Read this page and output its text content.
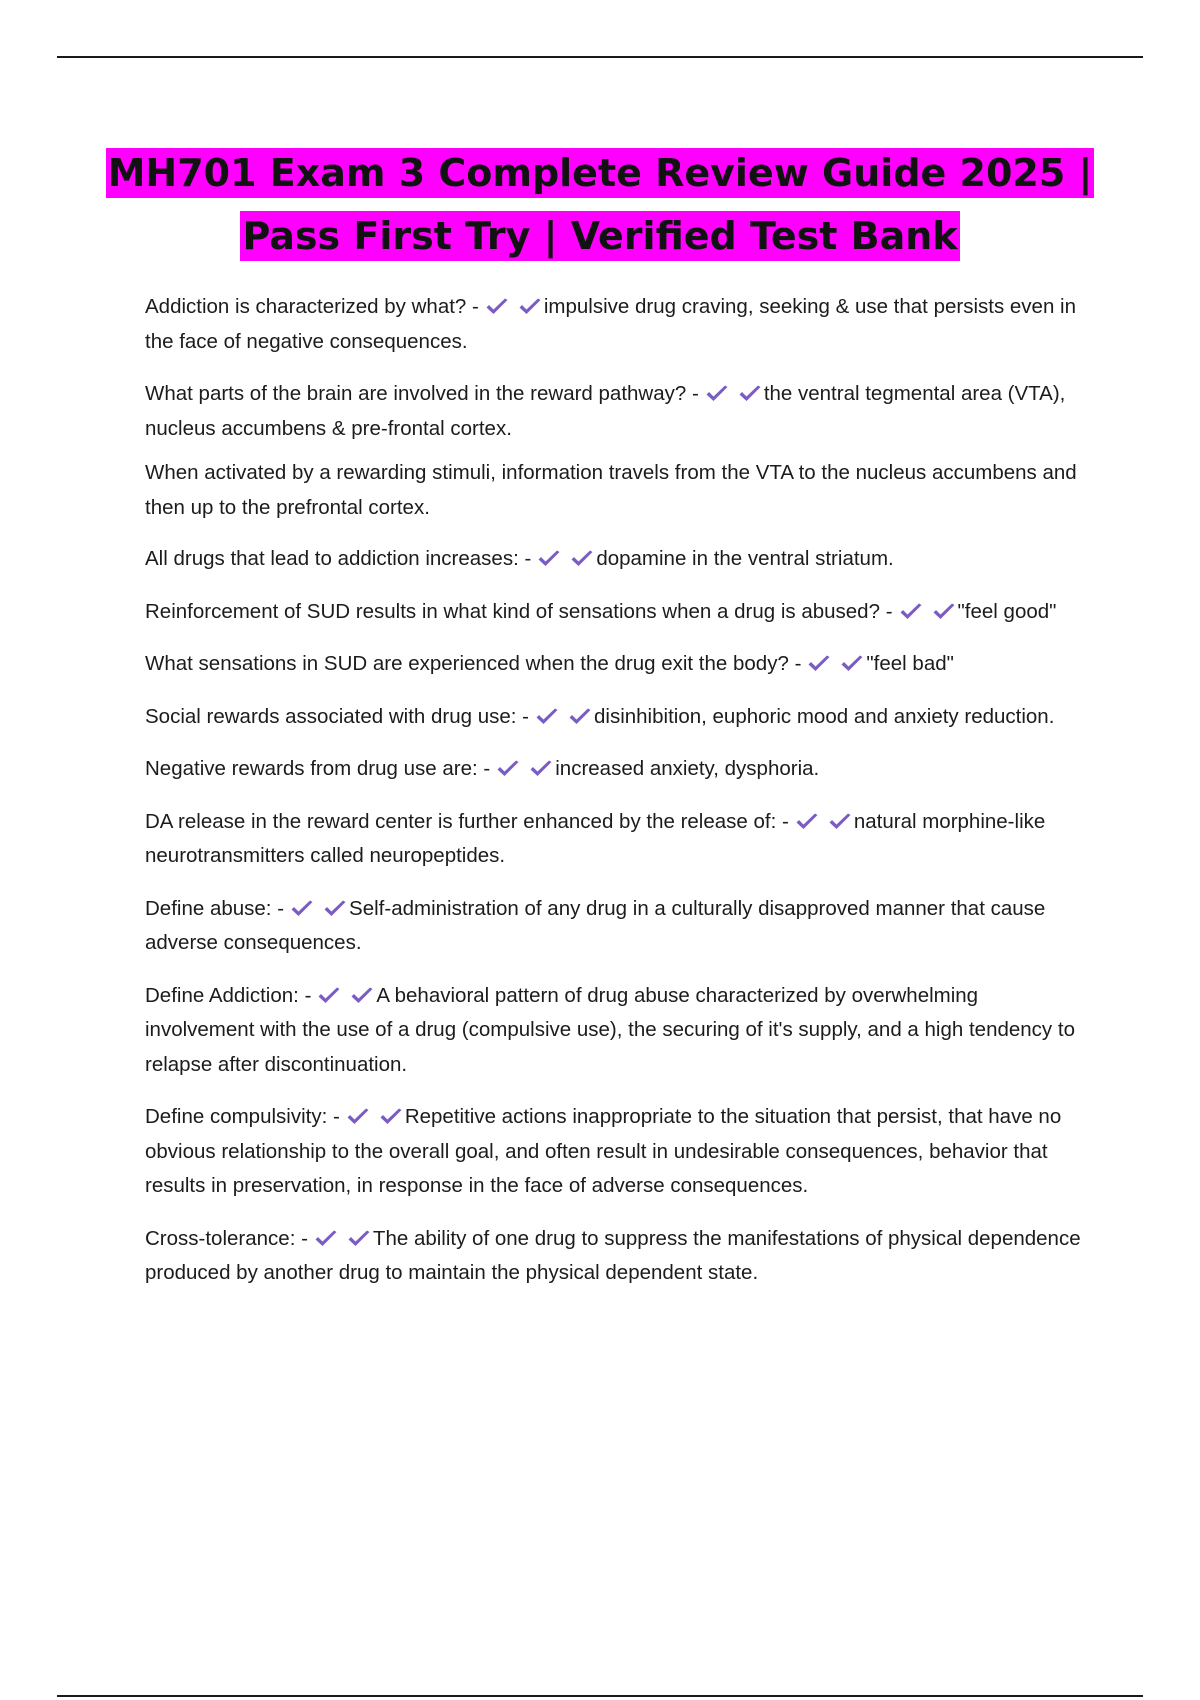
MH701 Exam 3 Complete Review Guide 2025 |
Pass First Try | Verified Test Bank

Addiction is characterized by what? -	impulsive drug craving, seeking & use that persists even in the face of negative consequences.

What parts of the brain are involved in the reward pathway? -	the ventral tegmental area (VTA), nucleus accumbens & pre-frontal cortex.

When activated by a rewarding stimuli, information travels from the VTA to the nucleus accumbens and then up to the prefrontal cortex.

All drugs that lead to addiction increases: -	dopamine in the ventral striatum.

Reinforcement of SUD results in what kind of sensations when a drug is abused? -	"feel good"

What sensations in SUD are experienced when the drug exit the body? -	"feel bad"

Social rewards associated with drug use: -	disinhibition, euphoric mood and anxiety reduction.

Negative rewards from drug use are: -	increased anxiety, dysphoria.

DA release in the reward center is further enhanced by the release of: -	natural morphine-like neurotransmitters called neuropeptides.

Define abuse: -	Self-administration of any drug in a culturally disapproved manner that cause adverse consequences.

Define Addiction: -	A behavioral pattern of drug abuse characterized by overwhelming involvement with the use of a drug (compulsive use), the securing of it's supply, and a high tendency to relapse after discontinuation.

Define compulsivity: -	Repetitive actions inappropriate to the situation that persist, that have no obvious relationship to the overall goal, and often result in undesirable consequences, behavior that results in preservation, in response in the face of adverse consequences.

Cross-tolerance: -	The ability of one drug to suppress the manifestations of physical dependence produced by another drug to maintain the physical dependent state.
